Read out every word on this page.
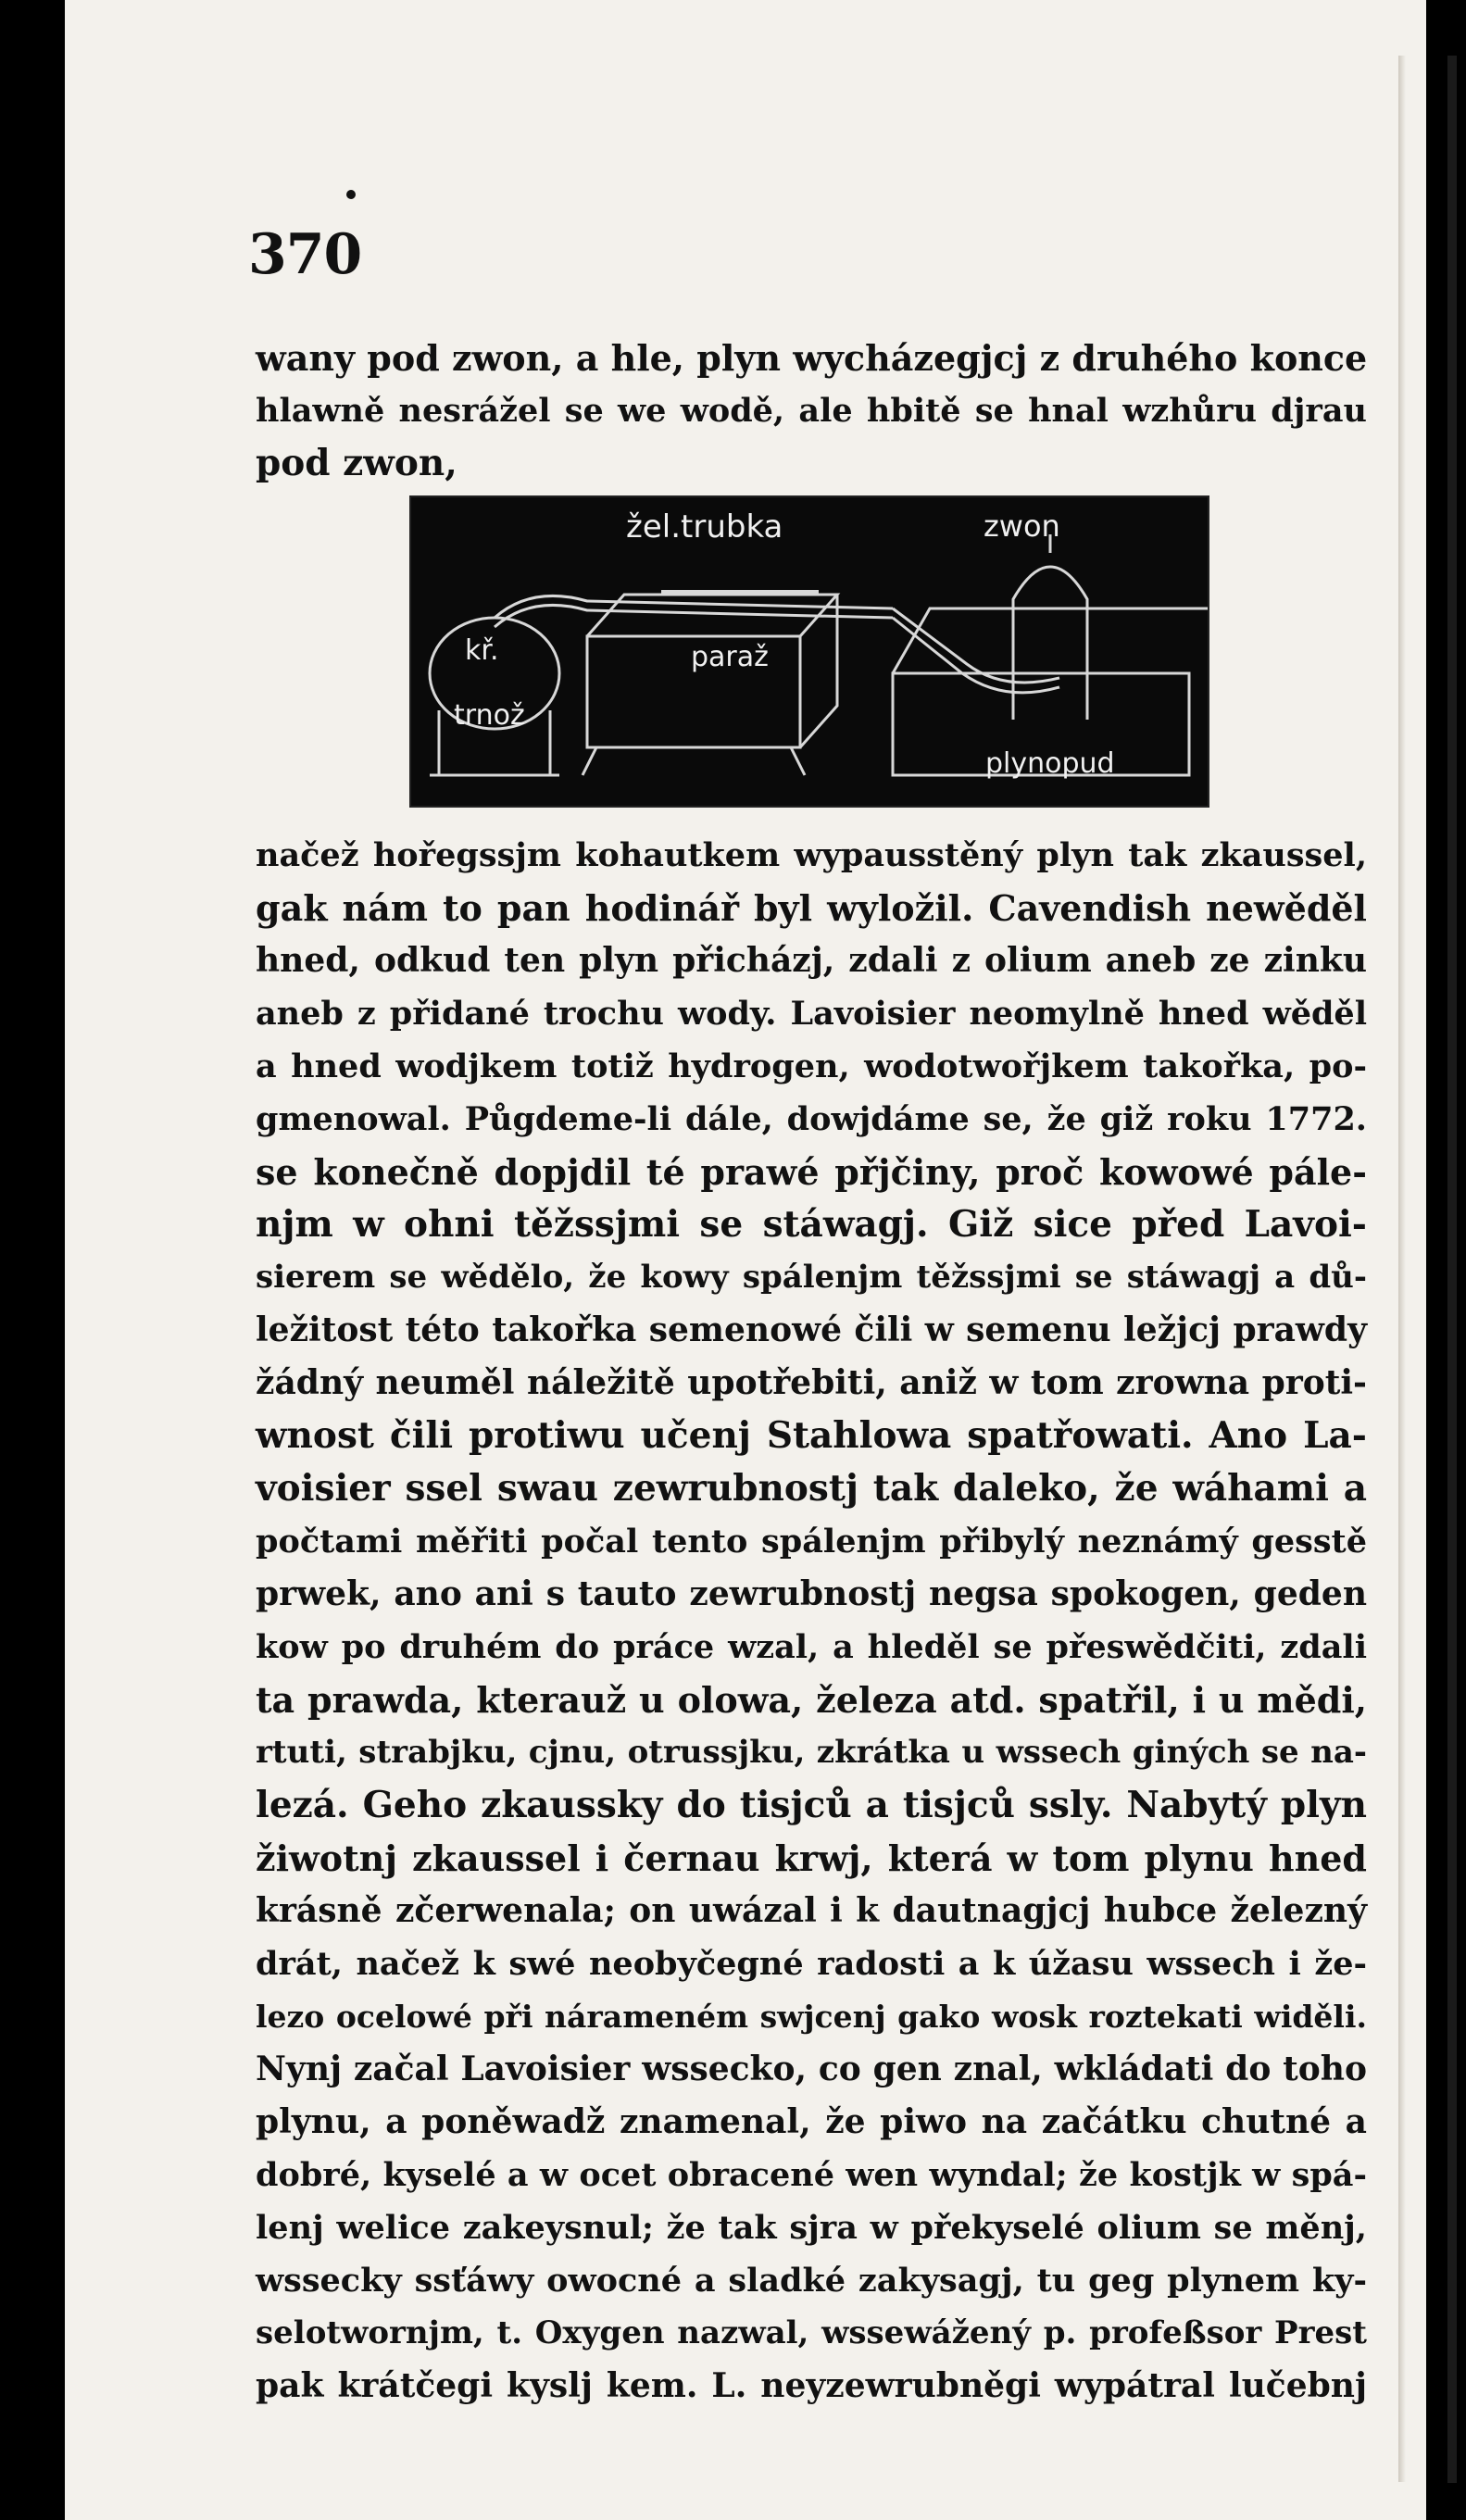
370
wany pod zwon, a hle, plyn wycházegjcj z druhého konce
hlawně nesrážel se we wodě, ale hbitě se hnal wzhůru djrau
pod zwon,
žel.trubka	zwon
kř.
trnož
paraž
plynopud
načež hořegssjm kohautkem wypausstěný plyn tak zkaussel,
gak nám to pan hodinář byl wyložil. Cavendish newěděl
hned, odkud ten plyn přicházj, zdali z olium aneb ze zinku
aneb z přidané trochu wody. Lavoisier neomylně hned wěděl
a hned wodjkem totiž hydrogen, wodotwořjkem takořka, po-
gmenowal. Půgdeme-li dále, dowjdáme se, že giž roku 1772.
se konečně dopjdil té prawé přjčiny, proč kowowé pále-
njm w ohni těžssjmi se stáwagj. Giž sice před Lavoi-
sierem se wědělo, že kowy spálenjm těžssjmi se stáwagj a dů-
ležitost této takořka semenowé čili w semenu ležjcj prawdy
žádný neuměl náležitě upotřebiti, aniž w tom zrowna proti-
wnost čili protiwu učenj Stahlowa spatřowati. Ano La-
voisier ssel swau zewrubnostj tak daleko, že wáhami a
počtami měřiti počal tento spálenjm přibylý neznámý gesstě
prwek, ano ani s tauto zewrubnostj negsa spokogen, geden
kow po druhém do práce wzal, a hleděl se přeswědčiti, zdali
ta prawda, kterauž u olowa, železa atd. spatřil, i u mědi,
rtuti, strabjku, cjnu, otrussjku, zkrátka u wssech giných se na-
lezá. Geho zkaussky do tisjců a tisjců ssly. Nabytý plyn
žiwotnj zkaussel i černau krwj, která w tom plynu hned
krásně zčerwenala; on uwázal i k dautnagjcj hubce železný
drát, načež k swé neobyčegné radosti a k úžasu wssech i že-
lezo ocelowé při nárameném swjcenj gako wosk roztekati widěli.
Nynj začal Lavoisier wssecko, co gen znal, wkládati do toho
plynu, a poněwadž znamenal, že piwo na začátku chutné a
dobré, kyselé a w ocet obracené wen wyndal; že kostjk w spá-
lenj welice zakeysnul; že tak sjra w překyselé olium se měnj,
wssecky ssťáwy owocné a sladké zakysagj, tu geg plynem ky-
selotwornjm, t. Oxygen nazwal, wssewážený p. profeßsor Prest
pak krátčegi kyslj kem. L. neyzewrubněgi wypátral lučebnj
